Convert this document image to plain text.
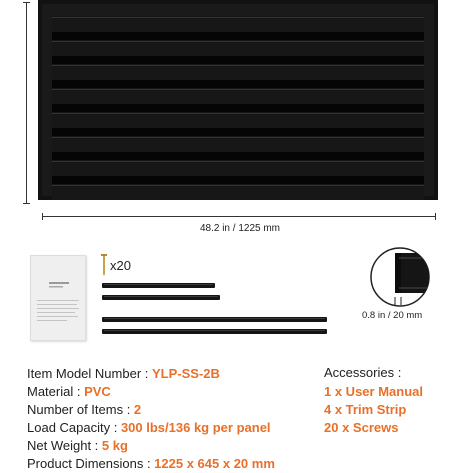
48.2 in / 1225 mm
x20
0.8 in / 20 mm
Item Model Number : YLP-SS-2B
Material : PVC
Number of Items : 2
Load Capacity : 300 lbs/136 kg per panel
Net Weight : 5 kg
Product Dimensions : 1225 x 645 x 20 mm
Accessories :
1 x User Manual
4 x Trim Strip
20 x Screws
